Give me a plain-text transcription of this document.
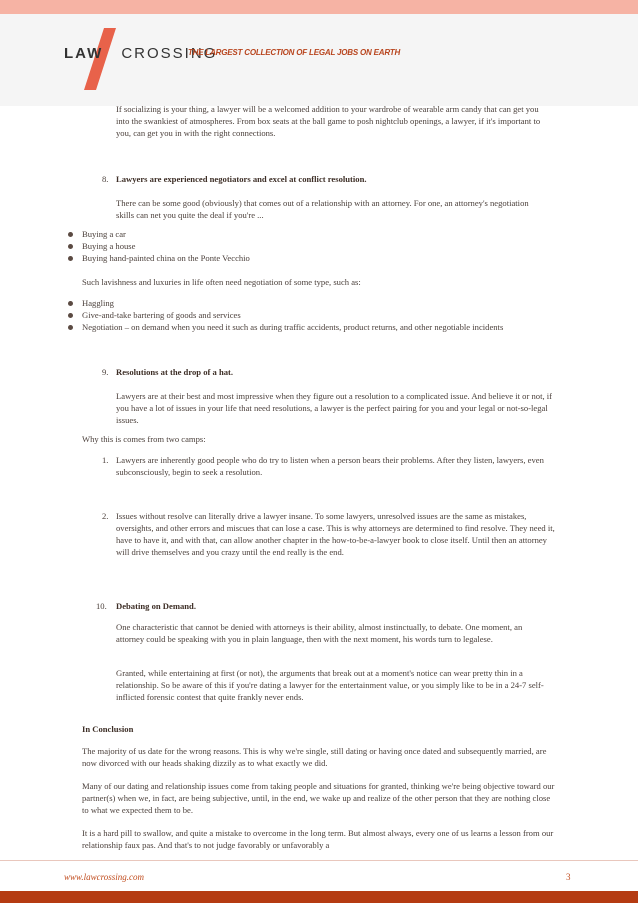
LAW CROSSING
THE LARGEST COLLECTION OF LEGAL JOBS ON EARTH

If socializing is your thing, a lawyer will be a welcomed addition to your wardrobe of wearable arm candy that can get you into the swankiest of atmospheres. From box seats at the ball game to posh nightclub openings, a lawyer, if it's important to you, can get you in with the right connections.

8. Lawyers are experienced negotiators and excel at conflict resolution.

There can be some good (obviously) that comes out of a relationship with an attorney. For one, an attorney's negotiation skills can net you quite the deal if you're ...

Buying a car

Buying a house

Buying hand-painted china on the Ponte Vecchio

Such lavishness and luxuries in life often need negotiation of some type, such as:

Haggling

Give-and-take bartering of goods and services

Negotiation – on demand when you need it such as during traffic accidents, product returns, and other negotiable incidents

9. Resolutions at the drop of a hat.

Lawyers are at their best and most impressive when they figure out a resolution to a complicated issue. And believe it or not, if you have a lot of issues in your life that need resolutions, a lawyer is the perfect pairing for you and your legal or not-so-legal issues.

Why this is comes from two camps:

1. Lawyers are inherently good people who do try to listen when a person bears their problems. After they listen, lawyers, even subconsciously, begin to seek a resolution.

2. Issues without resolve can literally drive a lawyer insane. To some lawyers, unresolved issues are the same as mistakes, oversights, and other errors and miscues that can lose a case. This is why attorneys are determined to find resolve. They need it, have to have it, and with that, can allow another chapter in the how-to-be-a-lawyer book to close itself. Until then an attorney will drive themselves and you crazy until the end really is the end.

10. Debating on Demand.

One characteristic that cannot be denied with attorneys is their ability, almost instinctually, to debate. One moment, an attorney could be speaking with you in plain language, then with the next moment, his words turn to legalese.

Granted, while entertaining at first (or not), the arguments that break out at a moment's notice can wear pretty thin in a relationship. So be aware of this if you're dating a lawyer for the entertainment value, or you simply like to be in a 24-7 self-inflicted forensic contest that quite frankly never ends.

In Conclusion

The majority of us date for the wrong reasons. This is why we're single, still dating or having once dated and subsequently married, are now divorced with our heads shaking dizzily as to what exactly we did.

Many of our dating and relationship issues come from taking people and situations for granted, thinking we're being objective toward our partner(s) when we, in fact, are being subjective, until, in the end, we wake up and realize of the other person that they are nothing close to what we expected them to be.

It is a hard pill to swallow, and quite a mistake to overcome in the long term. But almost always, every one of us learns a lesson from our relationship faux pas. And that's to not judge favorably or unfavorably a

www.lawcrossing.com	3
